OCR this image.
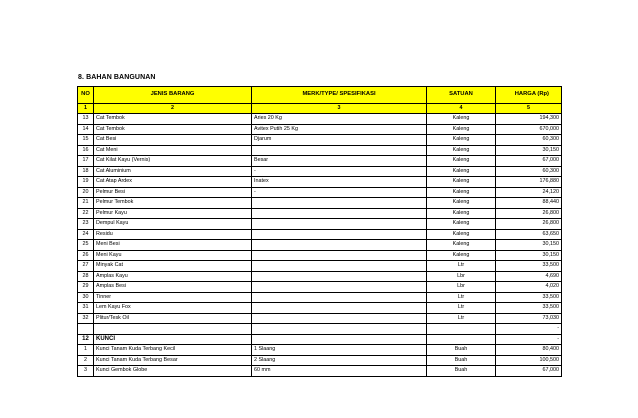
8. BAHAN BANGUNAN
NO	JENIS BARANG	MERK/TYPE/ SPESIFIKASI	SATUAN	HARGA (Rp)
1	2	3	4	5
13	Cat Tembok	Aries 20 Kg	Kaleng	194,300
14	Cat Tembok	Avitex Putih 25 Kg	Kaleng	670,000
15	Cat Besi	Djarum	Kaleng	60,300
16	Cat Meni		Kaleng	30,150
17	Cat Kilat Kayu (Vernis)	Besar	Kaleng	67,000
18	Cat Aluminium	-	Kaleng	60,300
19	Cat Atap Ardex	Inatex	Kaleng	176,880
20	Pelmur Besi	-	Kaleng	24,120
21	Pelmur Tembok		Kaleng	88,440
22	Pelmur Kayu		Kaleng	26,800
23	Dempul Kayu		Kaleng	26,800
24	Residu		Kaleng	63,650
25	Meni Besi		Kaleng	30,150
26	Meni Kayu		Kaleng	30,150
27	Minyak Cat		Ltr	33,500
28	Amplas Kayu		Lbr	4,690
29	Amplas Besi		Lbr	4,020
30	Tinner		Ltr	33,500
31	Lem Kayu Fox		Ltr	33,500
32	Plitur/Tesk Oil		Ltr	73,030
				-
12	KUNCI			-
1	Kunci Tanam Kuda Terbang Kecil	1 Slaang	Buah	80,400
2	Kunci Tanam Kuda Terbang Besar	2 Slaang	Buah	100,500
3	Kunci Gembok Globe	60 mm	Buah	67,000
